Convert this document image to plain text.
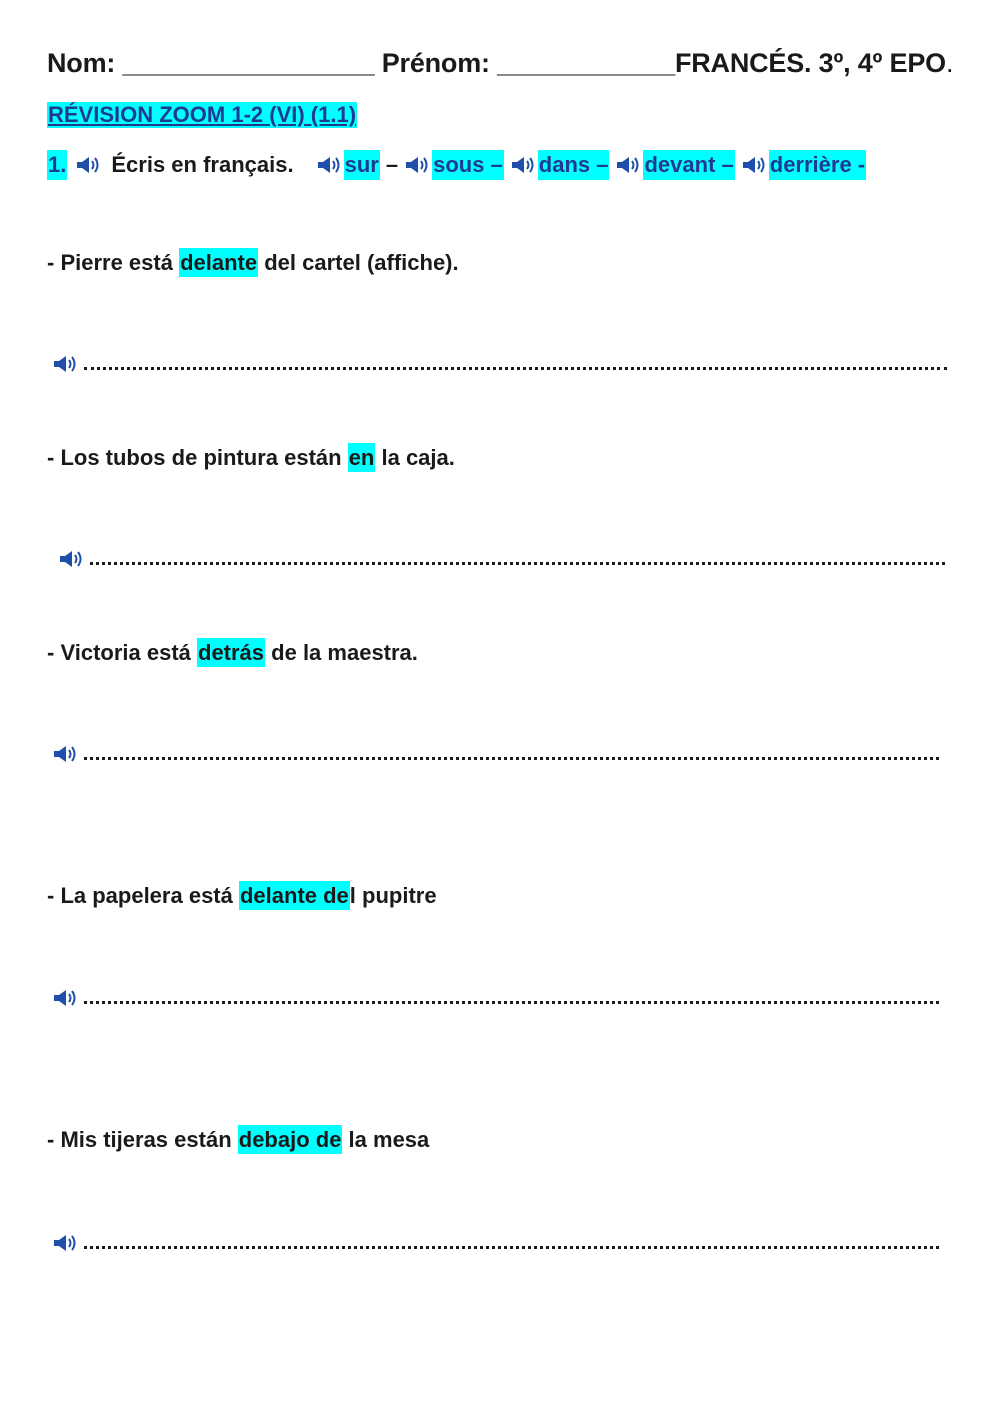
Nom: _________________ Prénom: ____________FRANCÉS. 3º, 4º EPO.
RÉVISION ZOOM 1-2 (VI) (1.1)
1. Écris en français. sur – sous – dans – devant – derrière -
- Pierre está delante del cartel (affiche).
- Los tubos de pintura están en la caja.
- Victoria está detrás de la maestra.
- La papelera está delante del pupitre
- Mis tijeras están debajo de la mesa
